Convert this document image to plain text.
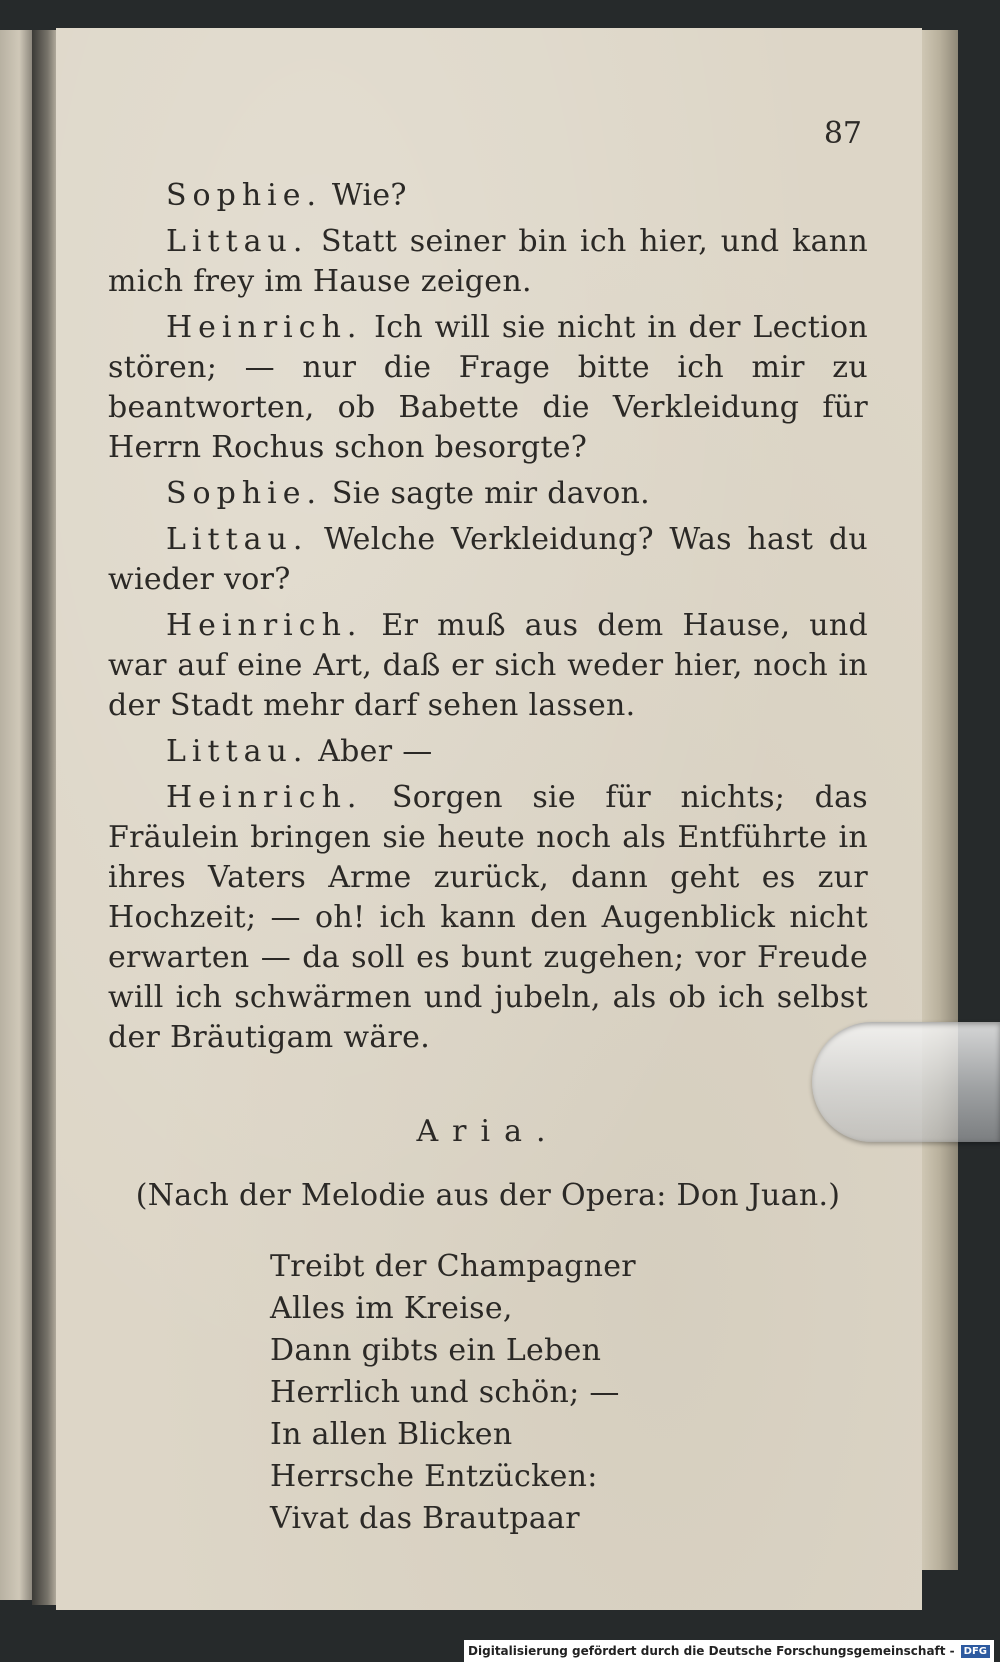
87

Sophie. Wie?

Littau. Statt seiner bin ich hier, und kann mich frey im Hause zeigen.

Heinrich. Ich will sie nicht in der Lection stören; — nur die Frage bitte ich mir zu beantworten, ob Babette die Verkleidung für Herrn Rochus schon besorgte?

Sophie. Sie sagte mir davon.

Littau. Welche Verkleidung? Was hast du wieder vor?

Heinrich. Er muß aus dem Hause, und war auf eine Art, daß er sich weder hier, noch in der Stadt mehr darf sehen lassen.

Littau. Aber —

Heinrich. Sorgen sie für nichts; das Fräulein bringen sie heute noch als Entführte in ihres Vaters Arme zurück, dann geht es zur Hochzeit; — oh! ich kann den Augenblick nicht erwarten — da soll es bunt zugehen; vor Freude will ich schwärmen und jubeln, als ob ich selbst der Bräutigam wäre.

Aria.
(Nach der Melodie aus der Opera: Don Juan.)

Treibt der Champagner

Alles im Kreise,

Dann gibts ein Leben

Herrlich und schön; —

In allen Blicken

Herrsche Entzücken:

Vivat das Brautpaar

Digitalisierung gefördert durch die Deutsche Forschungsgemeinschaft - DFG
